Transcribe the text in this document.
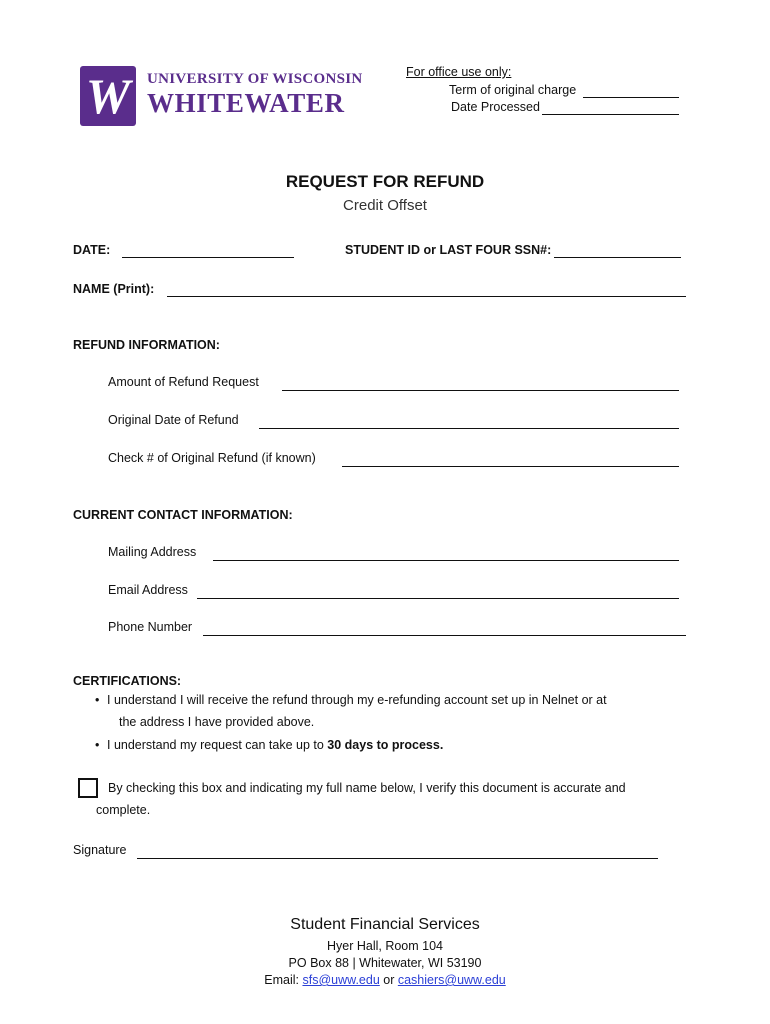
W	UNIVERSITY OF WISCONSIN
WHITEWATER
For office use only:
Term of original charge
Date Processed
REQUEST FOR REFUND
Credit Offset
DATE:	STUDENT ID or LAST FOUR SSN#:
NAME (Print):
REFUND INFORMATION:
Amount of Refund Request
Original Date of Refund
Check # of Original Refund (if known)
CURRENT CONTACT INFORMATION:
Mailing Address
Email Address
Phone Number
CERTIFICATIONS:
• I understand I will receive the refund through my e-refunding account set up in Nelnet or at
the address I have provided above.
• I understand my request can take up to 30 days to process.
By checking this box and indicating my full name below, I verify this document is accurate and
complete.
Signature
Student Financial Services
Hyer Hall, Room 104
PO Box 88 | Whitewater, WI 53190
Email: sfs@uww.edu or cashiers@uww.edu
